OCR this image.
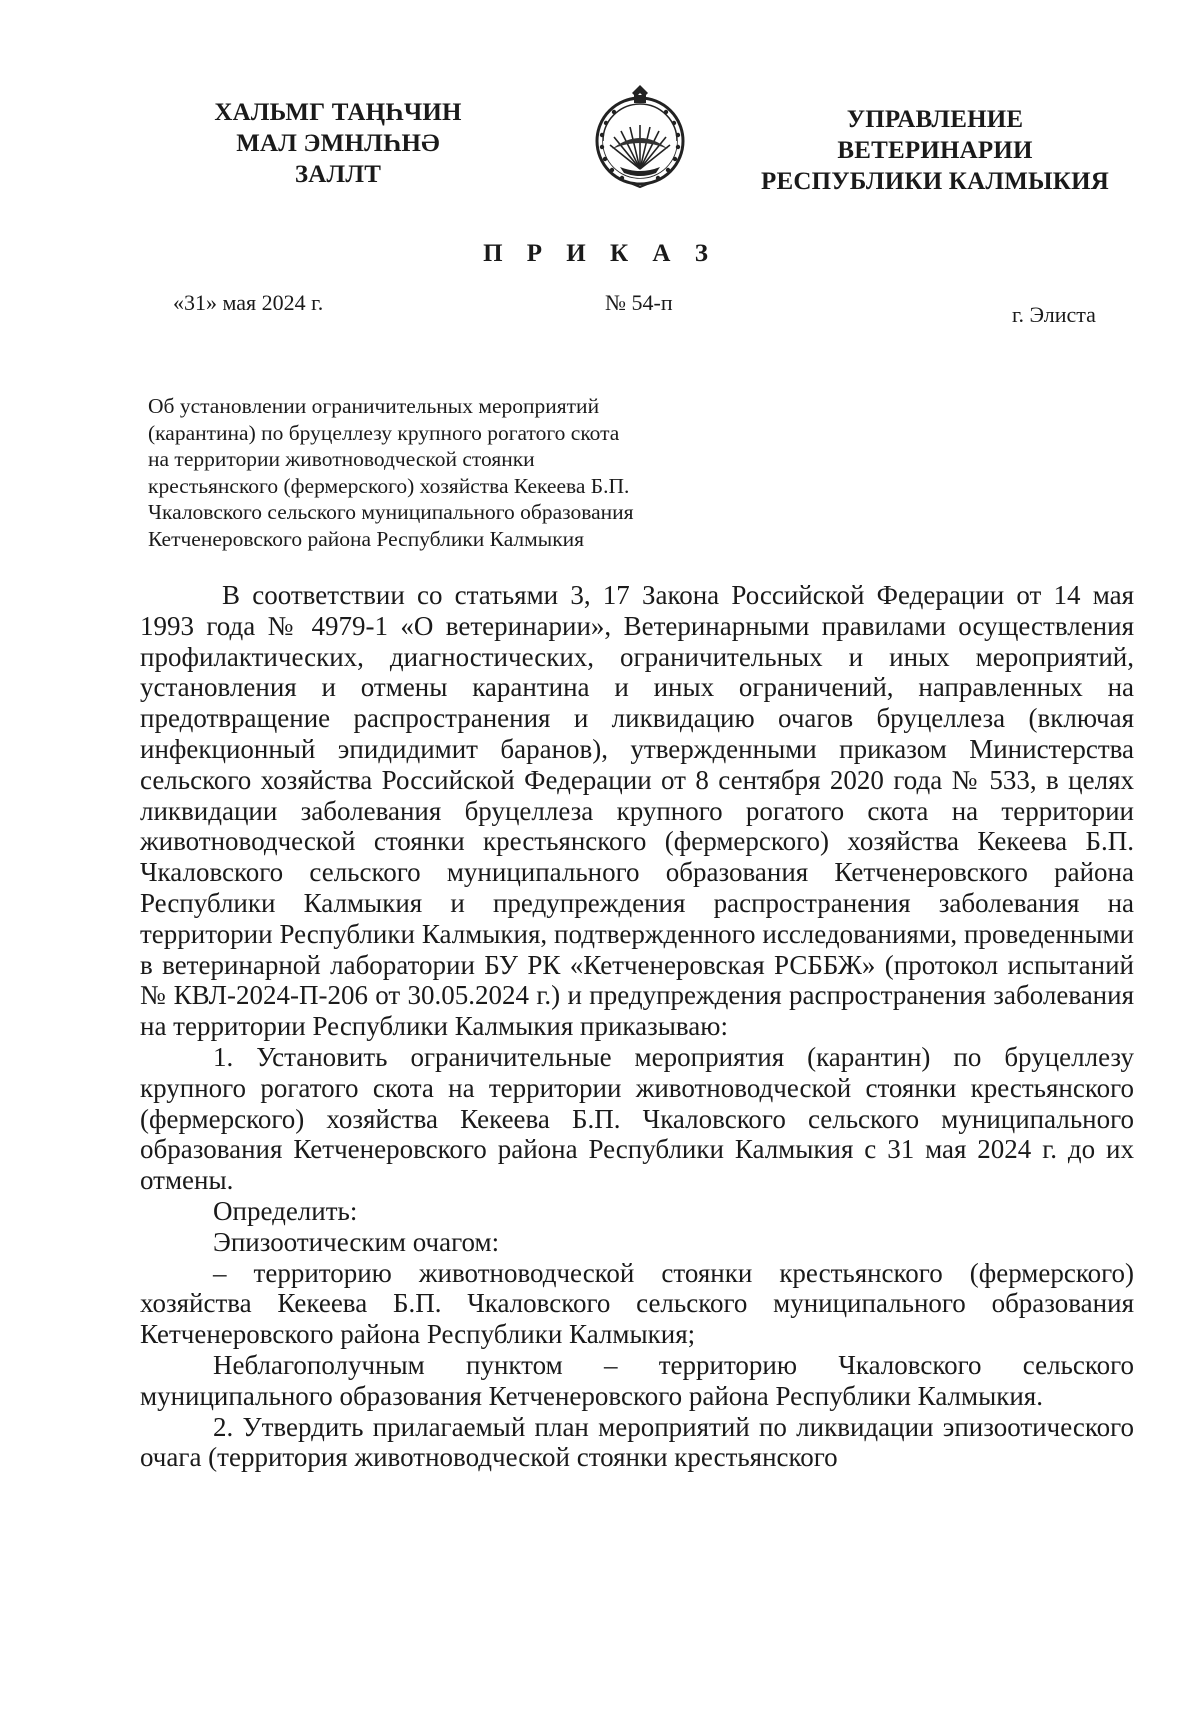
ХАЛЬМГ ТАҢҺЧИН
МАЛ ЭМНЛҺНӘ
ЗАЛЛТ
УПРАВЛЕНИЕ
ВЕТЕРИНАРИИ
РЕСПУБЛИКИ КАЛМЫКИЯ
П Р И К А З
«31» мая 2024 г.	№ 54-п	г. Элиста
Об установлении ограничительных мероприятий
(карантина) по бруцеллезу крупного рогатого скота
на территории животноводческой стоянки
крестьянского (фермерского) хозяйства Кекеева Б.П.
Чкаловского сельского муниципального образования
Кетченеровского района Республики Калмыкия

В соответствии со статьями 3, 17 Закона Российской Федерации от 14 мая 1993 года № 4979-1 «О ветеринарии», Ветеринарными правилами осуществления профилактических, диагностических, ограничительных и иных мероприятий, установления и отмены карантина и иных ограничений, направленных на предотвращение распространения и ликвидацию очагов бруцеллеза (включая инфекционный эпидидимит баранов), утвержденными приказом Министерства сельского хозяйства Российской Федерации от 8 сентября 2020 года № 533, в целях ликвидации заболевания бруцеллеза крупного рогатого скота на территории животноводческой стоянки крестьянского (фермерского) хозяйства Кекеева Б.П. Чкаловского сельского муниципального образования Кетченеровского района Республики Калмыкия и предупреждения распространения заболевания на территории Республики Калмыкия, подтвержденного исследованиями, проведенными в ветеринарной лаборатории БУ РК «Кетченеровская РСББЖ» (протокол испытаний № КВЛ-2024-П-206 от 30.05.2024 г.) и предупреждения распространения заболевания на территории Республики Калмыкия приказываю:

1. Установить ограничительные мероприятия (карантин) по бруцеллезу крупного рогатого скота на территории животноводческой стоянки крестьянского (фермерского) хозяйства Кекеева Б.П. Чкаловского сельского муниципального образования Кетченеровского района Республики Калмыкия с 31 мая 2024 г. до их отмены.

Определить:

Эпизоотическим очагом:

– территорию животноводческой стоянки крестьянского (фермерского) хозяйства Кекеева Б.П. Чкаловского сельского муниципального образования Кетченеровского района Республики Калмыкия;

Неблагополучным пунктом – территорию Чкаловского сельского муниципального образования Кетченеровского района Республики Калмыкия.

2. Утвердить прилагаемый план мероприятий по ликвидации эпизоотического очага (территория животноводческой стоянки крестьянского
